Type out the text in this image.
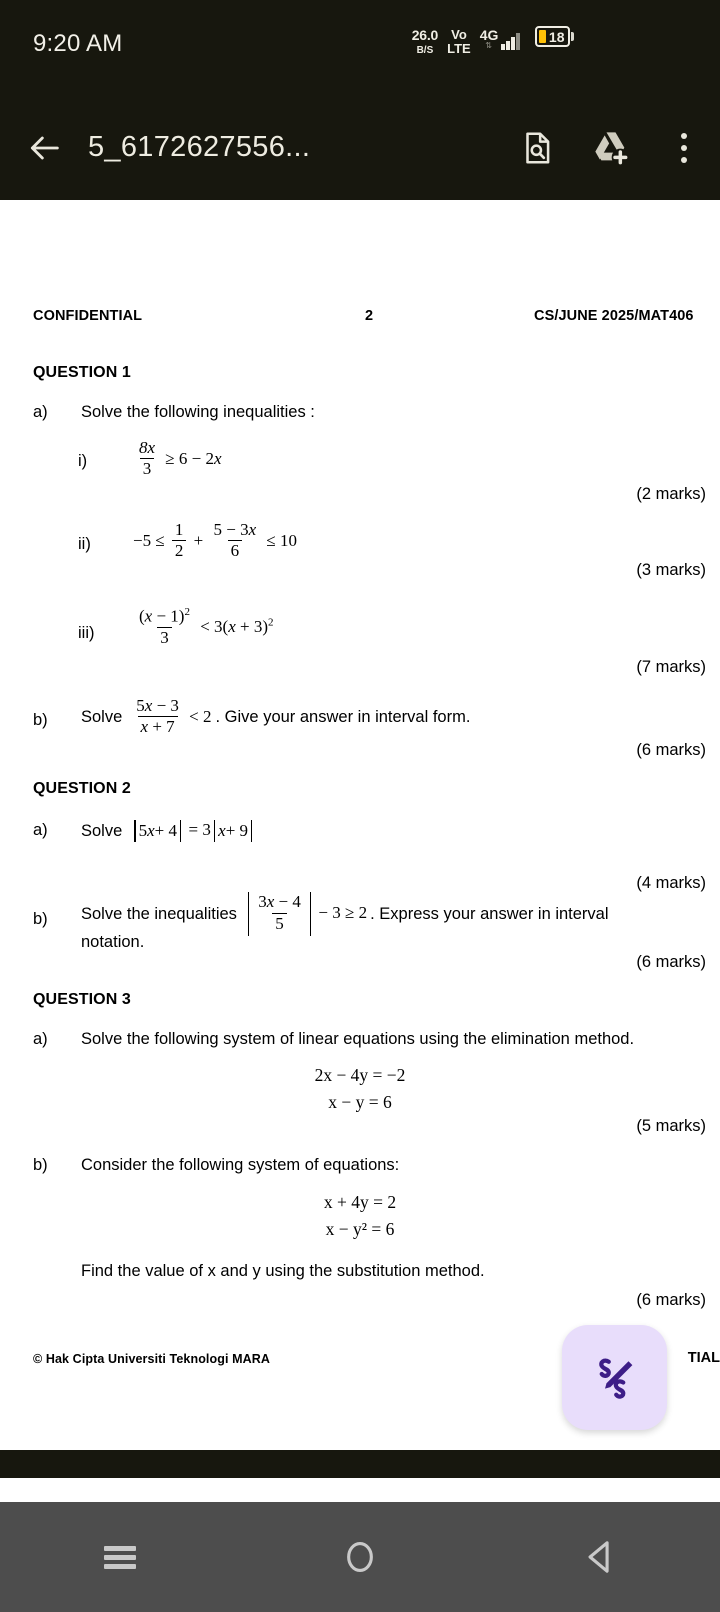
9:20 AM	26.0
B/S
Vo
LTE
4G
⇅
18
5_6172627556...
CONFIDENTIAL	2	CS/JUNE 2025/MAT406
QUESTION 1
a) Solve the following inequalities :
i)	$\frac{8x}{3} \ge 6 - 2x$
(2 marks)
$ii) -5 \le \frac{1}{2} + \frac{5 - 3x}{6} \le 10$
(3 marks)
$iii) \frac{(x - 1)^2}{3} < 3(x + 3)^2$
(7 marks)
b) Solve $\frac{5x - 3}{x + 7} < 2$ . Give your answer in interval form.
(6 marks)
QUESTION 2
a) Solve 5 x + 4
= 3 x + 9
(4 marks)
b) Solve the inequalities $\frac{3x - 4}{5} - 3 \ge 2$ . Express your answer in interval
notation.
(6 marks)
QUESTION 3
a) Solve the following system of linear equations using the elimination method.
2x − 4y = −2
x − y = 6
(5 marks)
b) Consider the following system of equations:
x + 4y = 2
x − y² = 6
Find the value of x and y using the substitution method.
(6 marks)
© Hak Cipta Universiti Teknologi MARA	TIAL
